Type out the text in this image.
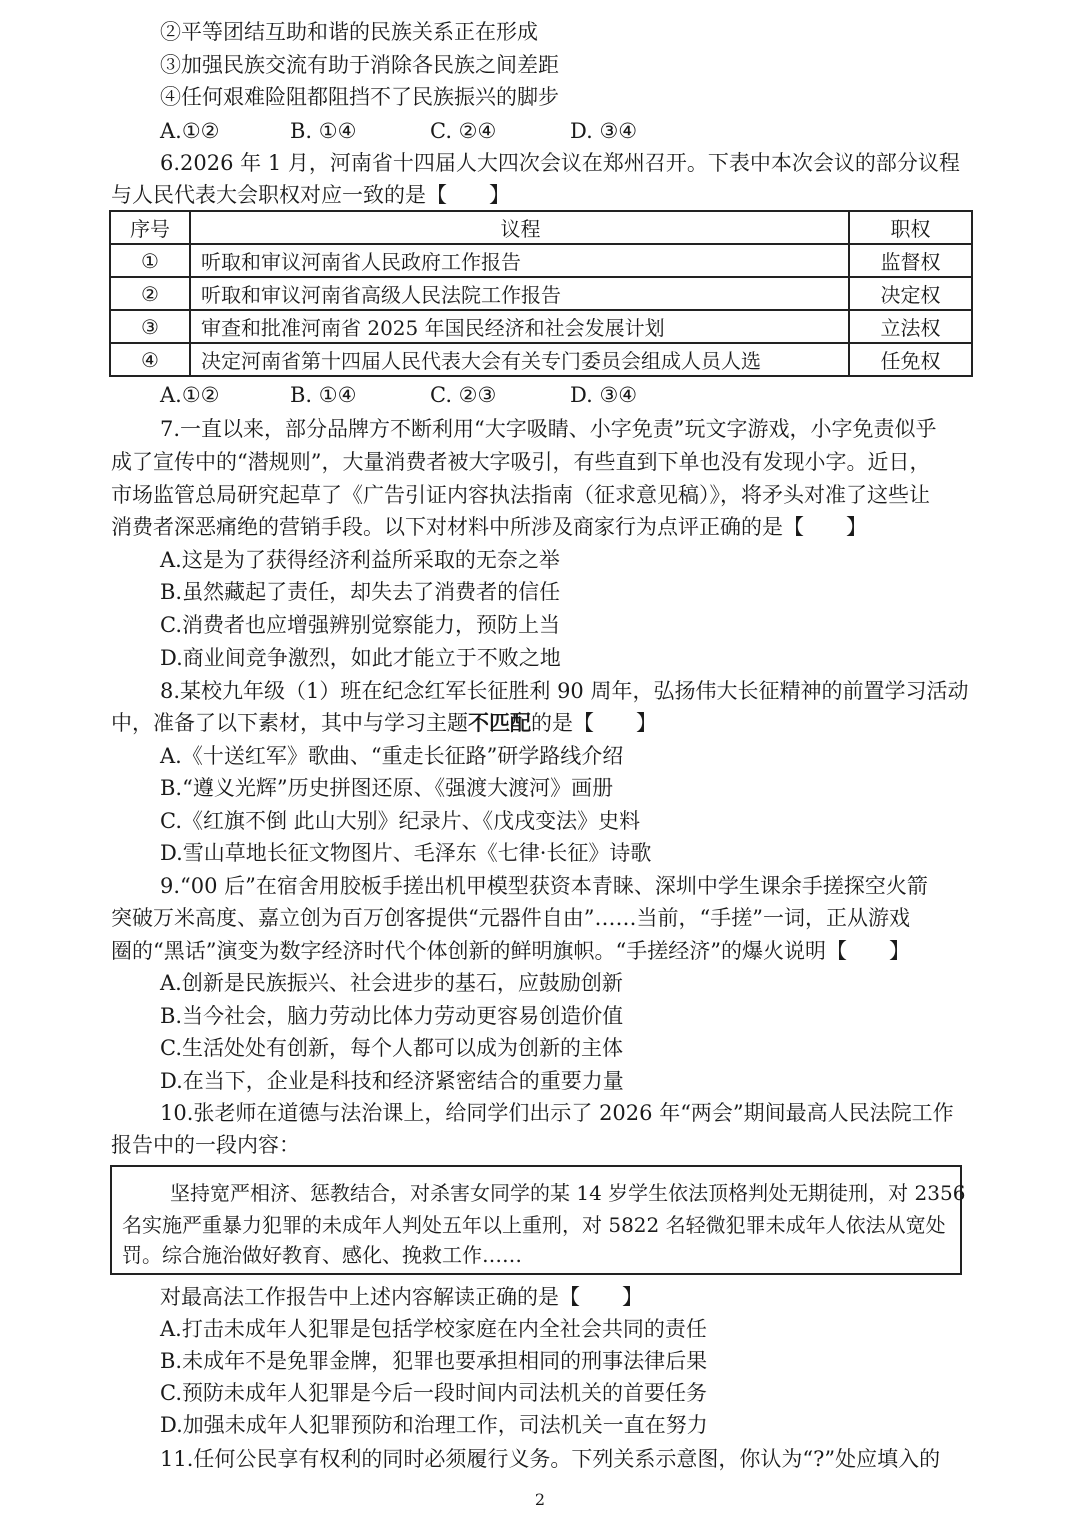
②平等团结互助和谐的民族关系正在形成
③加强民族交流有助于消除各民族之间差距
④任何艰难险阻都阻挡不了民族振兴的脚步
A.①②	B. ①④	C. ②④	D. ③④
6.2026 年 1 月，河南省十四届人大四次会议在郑州召开。下表中本次会议的部分议程
与人民代表大会职权对应一致的是【　　】
序号	议程	职权
①	听取和审议河南省人民政府工作报告	监督权
②	听取和审议河南省高级人民法院工作报告	决定权
③	审查和批准河南省 2025 年国民经济和社会发展计划	立法权
④	决定河南省第十四届人民代表大会有关专门委员会组成人员人选	任免权
A.①②	B. ①④	C. ②③	D. ③④
7.一直以来，部分品牌方不断利用“大字吸睛、小字免责”玩文字游戏，小字免责似乎
成了宣传中的“潜规则”，大量消费者被大字吸引，有些直到下单也没有发现小字。近日，
市场监管总局研究起草了《广告引证内容执法指南（征求意见稿）》，将矛头对准了这些让
消费者深恶痛绝的营销手段。以下对材料中所涉及商家行为点评正确的是【　　】
A.这是为了获得经济利益所采取的无奈之举
B.虽然藏起了责任，却失去了消费者的信任
C.消费者也应增强辨别觉察能力，预防上当
D.商业间竞争激烈，如此才能立于不败之地
8.某校九年级（1）班在纪念红军长征胜利 90 周年，弘扬伟大长征精神的前置学习活动
中，准备了以下素材，其中与学习主题不匹配的是【　　】
A.《十送红军》歌曲、“重走长征路”研学路线介绍
B.“遵义光辉”历史拼图还原、《强渡大渡河》画册
C.《红旗不倒 此山大别》纪录片、《戊戌变法》史料
D.雪山草地长征文物图片、毛泽东《七律·长征》诗歌
9.“00 后”在宿舍用胶板手搓出机甲模型获资本青睐、深圳中学生课余手搓探空火箭
突破万米高度、嘉立创为百万创客提供“元器件自由”……当前，“手搓”一词，正从游戏
圈的“黑话”演变为数字经济时代个体创新的鲜明旗帜。“手搓经济”的爆火说明【　　】
A.创新是民族振兴、社会进步的基石，应鼓励创新
B.当今社会，脑力劳动比体力劳动更容易创造价值
C.生活处处有创新，每个人都可以成为创新的主体
D.在当下，企业是科技和经济紧密结合的重要力量
10.张老师在道德与法治课上，给同学们出示了 2026 年“两会”期间最高人民法院工作
报告中的一段内容：
坚持宽严相济、惩教结合，对杀害女同学的某 14 岁学生依法顶格判处无期徒刑，对 2356
名实施严重暴力犯罪的未成年人判处五年以上重刑，对 5822 名轻微犯罪未成年人依法从宽处
罚。综合施治做好教育、感化、挽救工作……
对最高法工作报告中上述内容解读正确的是【　　】
A.打击未成年人犯罪是包括学校家庭在内全社会共同的责任
B.未成年不是免罪金牌，犯罪也要承担相同的刑事法律后果
C.预防未成年人犯罪是今后一段时间内司法机关的首要任务
D.加强未成年人犯罪预防和治理工作，司法机关一直在努力
11.任何公民享有权利的同时必须履行义务。下列关系示意图，你认为“?”处应填入的
2
